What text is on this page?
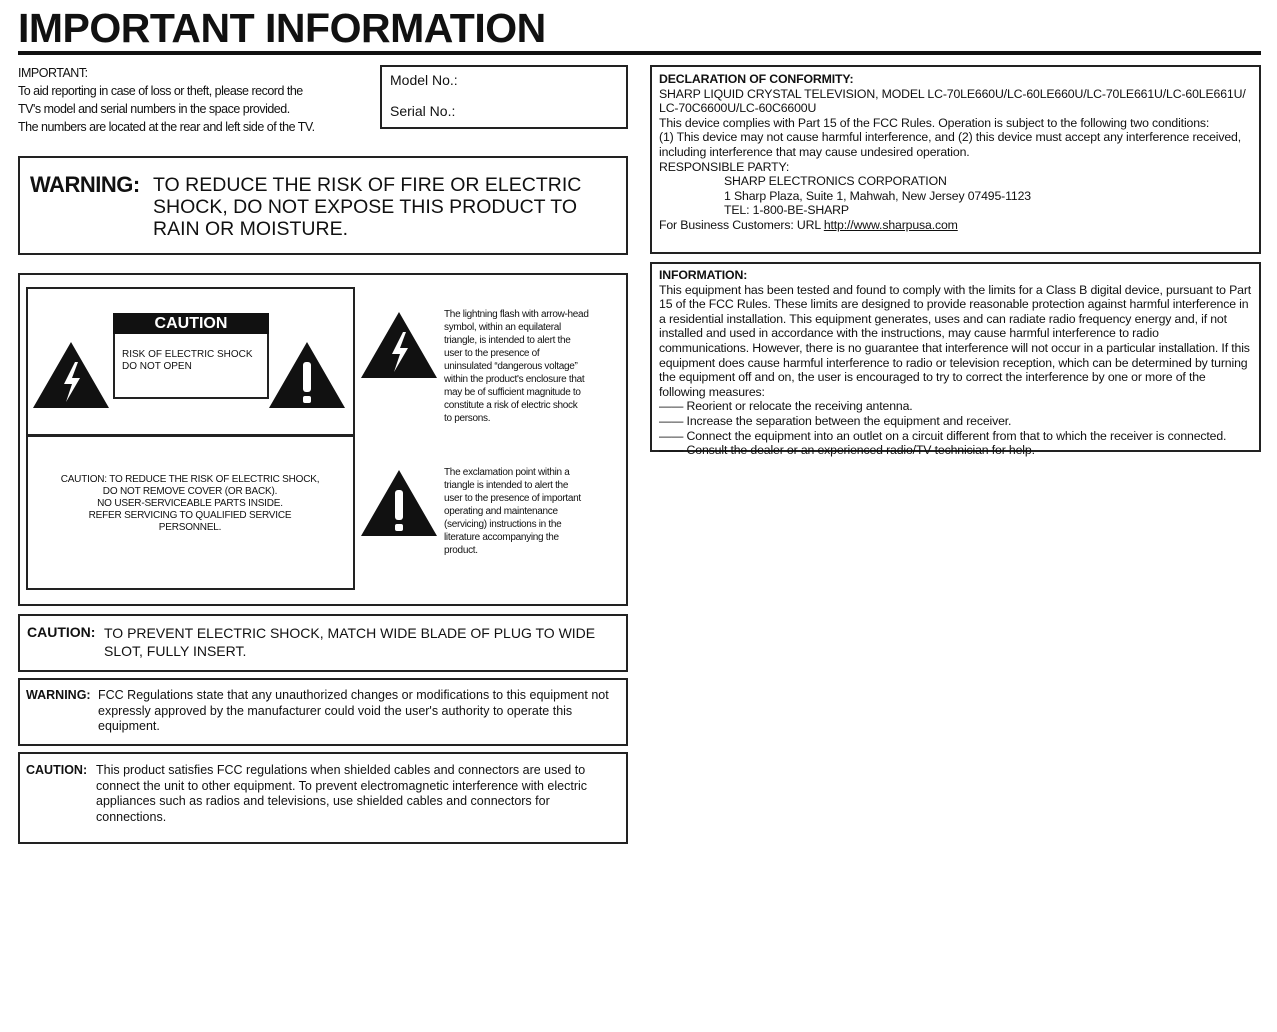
IMPORTANT INFORMATION
IMPORTANT:
To aid reporting in case of loss or theft, please record the
TV's model and serial numbers in the space provided.
The numbers are located at the rear and left side of the TV.
Model No.:
Serial No.:
WARNING: TO REDUCE THE RISK OF FIRE OR ELECTRIC SHOCK, DO NOT EXPOSE THIS PRODUCT TO RAIN OR MOISTURE.
CAUTION
RISK OF ELECTRIC SHOCK
DO NOT OPEN
CAUTION: TO REDUCE THE RISK OF ELECTRIC SHOCK,
DO NOT REMOVE COVER (OR BACK).
NO USER-SERVICEABLE PARTS INSIDE.
REFER SERVICING TO QUALIFIED SERVICE
PERSONNEL.
The lightning flash with arrow-head
symbol, within an equilateral
triangle, is intended to alert the
user to the presence of
uninsulated “dangerous voltage”
within the product's enclosure that
may be of sufficient magnitude to
constitute a risk of electric shock
to persons.
The exclamation point within a
triangle is intended to alert the
user to the presence of important
operating and maintenance
(servicing) instructions in the
literature accompanying the
product.
CAUTION: TO PREVENT ELECTRIC SHOCK, MATCH WIDE BLADE OF PLUG TO WIDE SLOT, FULLY INSERT.
WARNING: FCC Regulations state that any unauthorized changes or modifications to this equipment not expressly approved by the manufacturer could void the user's authority to operate this equipment.
CAUTION: This product satisfies FCC regulations when shielded cables and connectors are used to connect the unit to other equipment. To prevent electromagnetic interference with electric appliances such as radios and televisions, use shielded cables and connectors for connections.
DECLARATION OF CONFORMITY:
SHARP LIQUID CRYSTAL TELEVISION, MODEL LC-70LE660U/LC-60LE660U/LC-70LE661U/LC-60LE661U/ LC-70C6600U/LC-60C6600U
This device complies with Part 15 of the FCC Rules. Operation is subject to the following two conditions:
(1) This device may not cause harmful interference, and (2) this device must accept any interference received, including interference that may cause undesired operation.
RESPONSIBLE PARTY:
SHARP ELECTRONICS CORPORATION
1 Sharp Plaza, Suite 1, Mahwah, New Jersey 07495-1123
TEL: 1-800-BE-SHARP
For Business Customers: URL http://www.sharpusa.com
INFORMATION:
This equipment has been tested and found to comply with the limits for a Class B digital device, pursuant to Part 15 of the FCC Rules. These limits are designed to provide reasonable protection against harmful interference in a residential installation. This equipment generates, uses and can radiate radio frequency energy and, if not installed and used in accordance with the instructions, may cause harmful interference to radio communications. However, there is no guarantee that interference will not occur in a particular installation. If this equipment does cause harmful interference to radio or television reception, which can be determined by turning the equipment off and on, the user is encouraged to try to correct the interference by one or more of the following measures:
—— Reorient or relocate the receiving antenna.
—— Increase the separation between the equipment and receiver.
—— Connect the equipment into an outlet on a circuit different from that to which the receiver is connected.
—— Consult the dealer or an experienced radio/TV technician for help.
